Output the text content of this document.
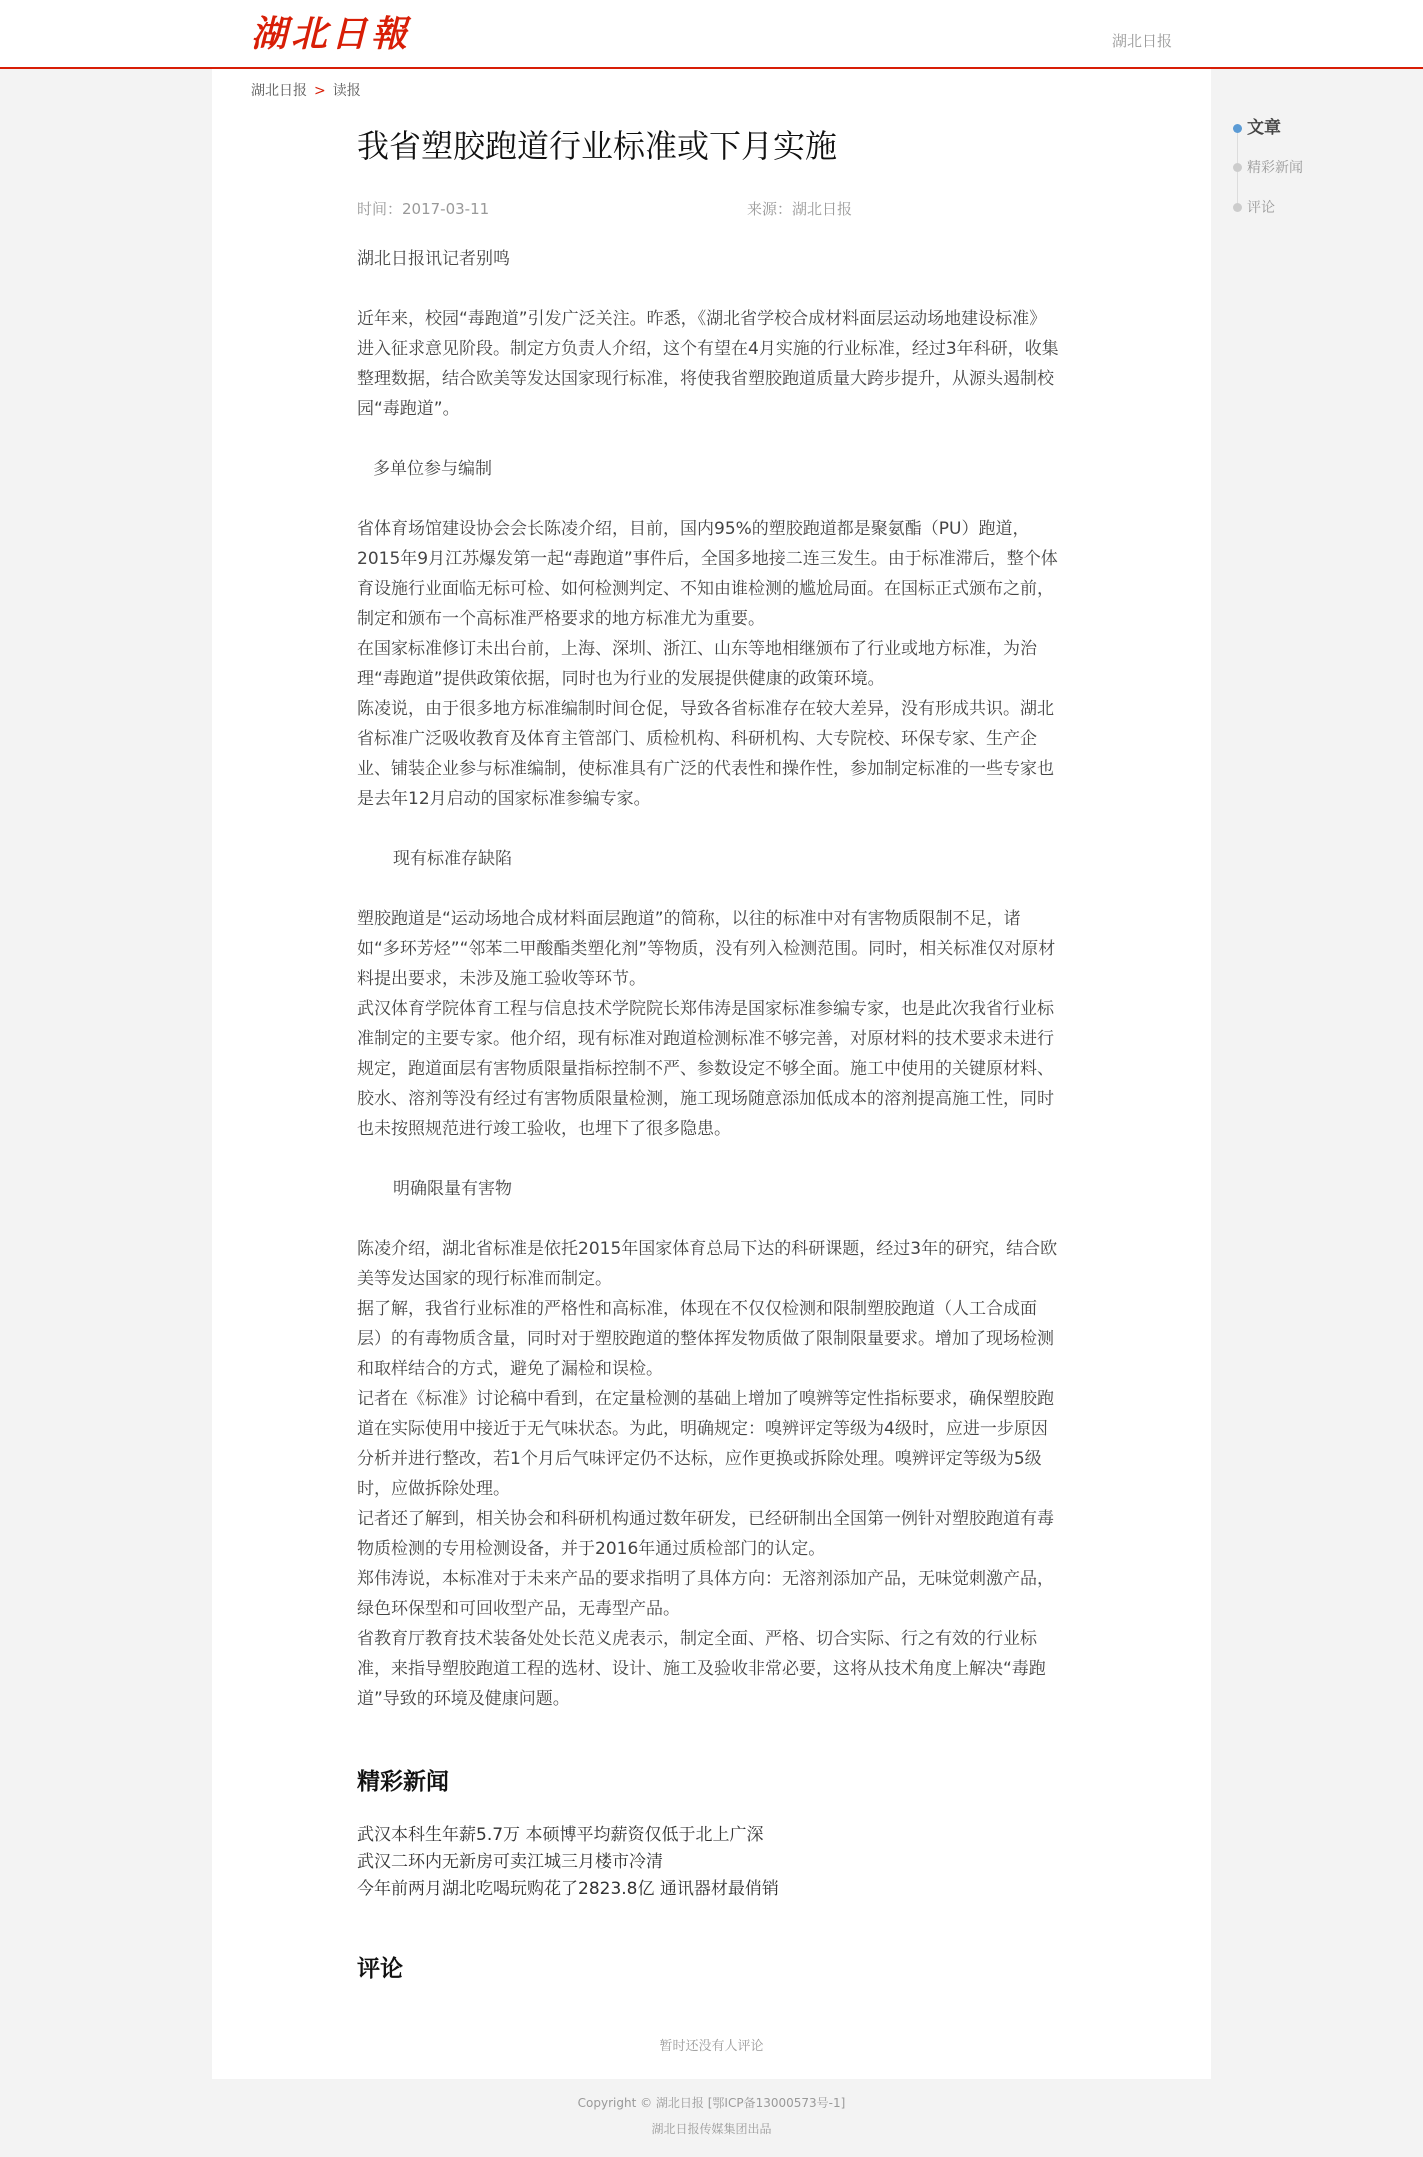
湖北日報	湖北日报
湖北日报 > 读报
我省塑胶跑道行业标准或下月实施
时间：2017-03-11	来源：湖北日报

湖北日报讯记者别鸣

近年来，校园“毒跑道”引发广泛关注。昨悉，《湖北省学校合成材料面层运动场地建设标准》进入征求意见阶段。制定方负责人介绍，这个有望在4月实施的行业标准，经过3年科研，收集整理数据，结合欧美等发达国家现行标准，将使我省塑胶跑道质量大跨步提升，从源头遏制校园“毒跑道”。

多单位参与编制
省体育场馆建设协会会长陈凌介绍，目前，国内95%的塑胶跑道都是聚氨酯（PU）跑道，2015年9月江苏爆发第一起“毒跑道”事件后，全国多地接二连三发生。由于标准滞后，整个体育设施行业面临无标可检、如何检测判定、不知由谁检测的尴尬局面。在国标正式颁布之前，制定和颁布一个高标准严格要求的地方标准尤为重要。
在国家标准修订未出台前，上海、深圳、浙江、山东等地相继颁布了行业或地方标准，为治理“毒跑道”提供政策依据，同时也为行业的发展提供健康的政策环境。
陈凌说，由于很多地方标准编制时间仓促，导致各省标准存在较大差异，没有形成共识。湖北省标准广泛吸收教育及体育主管部门、质检机构、科研机构、大专院校、环保专家、生产企业、铺装企业参与标准编制，使标准具有广泛的代表性和操作性，参加制定标准的一些专家也是去年12月启动的国家标准参编专家。
现有标准存缺陷
塑胶跑道是“运动场地合成材料面层跑道”的简称，以往的标准中对有害物质限制不足，诸如“多环芳烃”“邻苯二甲酸酯类塑化剂”等物质，没有列入检测范围。同时，相关标准仅对原材料提出要求，未涉及施工验收等环节。
武汉体育学院体育工程与信息技术学院院长郑伟涛是国家标准参编专家，也是此次我省行业标准制定的主要专家。他介绍，现有标准对跑道检测标准不够完善，对原材料的技术要求未进行规定，跑道面层有害物质限量指标控制不严、参数设定不够全面。施工中使用的关键原材料、胶水、溶剂等没有经过有害物质限量检测，施工现场随意添加低成本的溶剂提高施工性，同时也未按照规范进行竣工验收，也埋下了很多隐患。
明确限量有害物
陈凌介绍，湖北省标准是依托2015年国家体育总局下达的科研课题，经过3年的研究，结合欧美等发达国家的现行标准而制定。
据了解，我省行业标准的严格性和高标准，体现在不仅仅检测和限制塑胶跑道（人工合成面层）的有毒物质含量，同时对于塑胶跑道的整体挥发物质做了限制限量要求。增加了现场检测和取样结合的方式，避免了漏检和误检。
记者在《标准》讨论稿中看到，在定量检测的基础上增加了嗅辨等定性指标要求，确保塑胶跑道在实际使用中接近于无气味状态。为此，明确规定：嗅辨评定等级为4级时，应进一步原因分析并进行整改，若1个月后气味评定仍不达标，应作更换或拆除处理。嗅辨评定等级为5级时，应做拆除处理。
记者还了解到，相关协会和科研机构通过数年研发，已经研制出全国第一例针对塑胶跑道有毒物质检测的专用检测设备，并于2016年通过质检部门的认定。
郑伟涛说，本标准对于未来产品的要求指明了具体方向：无溶剂添加产品，无味觉刺激产品，绿色环保型和可回收型产品，无毒型产品。
省教育厅教育技术装备处处长范义虎表示，制定全面、严格、切合实际、行之有效的行业标准，来指导塑胶跑道工程的选材、设计、施工及验收非常必要，这将从技术角度上解决“毒跑道”导致的环境及健康问题。
精彩新闻
武汉本科生年薪5.7万 本硕博平均薪资仅低于北上广深
武汉二环内无新房可卖江城三月楼市冷清
今年前两月湖北吃喝玩购花了2823.8亿 通讯器材最俏销
评论
暂时还没有人评论
文章
精彩新闻
评论
Copyright © 湖北日报 [鄂ICP备13000573号-1]
湖北日报传媒集团出品
